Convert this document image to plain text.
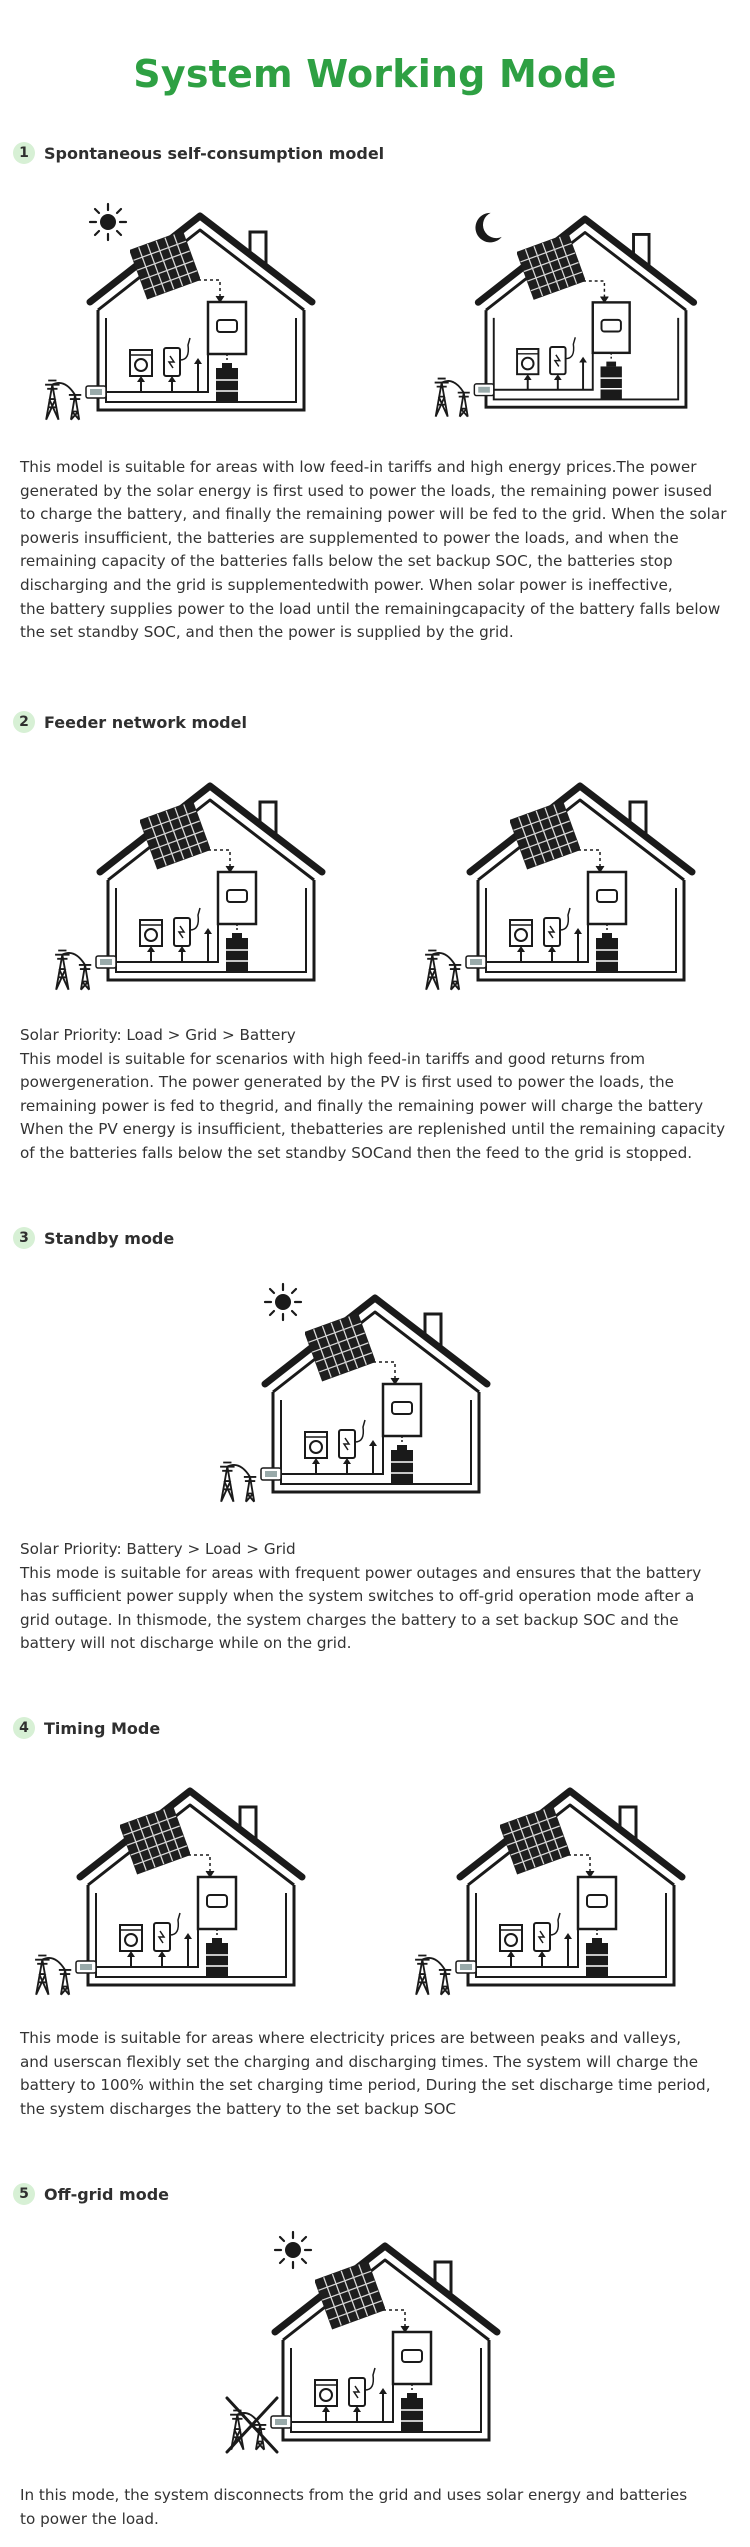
System Working Mode
1 Spontaneous self-consumption model
This model is suitable for areas with low feed-in tariffs and high energy prices.The power
generated by the solar energy is first used to power the loads, the remaining power isused
to charge the battery, and finally the remaining power will be fed to the grid. When the solar
poweris insufficient, the batteries are supplemented to power the loads, and when the
remaining capacity of the batteries falls below the set backup SOC, the batteries stop
discharging and the grid is supplementedwith power. When solar power is ineffective,
the battery supplies power to the load until the remainingcapacity of the battery falls below
the set standby SOC, and then the power is supplied by the grid.
2 Feeder network model
Solar Priority: Load > Grid > Battery
This model is suitable for scenarios with high feed-in tariffs and good returns from
powergeneration. The power generated by the PV is first used to power the loads, the
remaining power is fed to thegrid, and finally the remaining power will charge the battery
When the PV energy is insufficient, thebatteries are replenished until the remaining capacity
of the batteries falls below the set standby SOCand then the feed to the grid is stopped.
3 Standby mode
Solar Priority: Battery > Load > Grid
This mode is suitable for areas with frequent power outages and ensures that the battery
has sufficient power supply when the system switches to off-grid operation mode after a
grid outage. In thismode, the system charges the battery to a set backup SOC and the
battery will not discharge while on the grid.
4 Timing Mode
This mode is suitable for areas where electricity prices are between peaks and valleys,
and userscan flexibly set the charging and discharging times. The system will charge the
battery to 100% within the set charging time period, During the set discharge time period,
the system discharges the battery to the set backup SOC
5 Off-grid mode
In this mode, the system disconnects from the grid and uses solar energy and batteries
to power the load.
